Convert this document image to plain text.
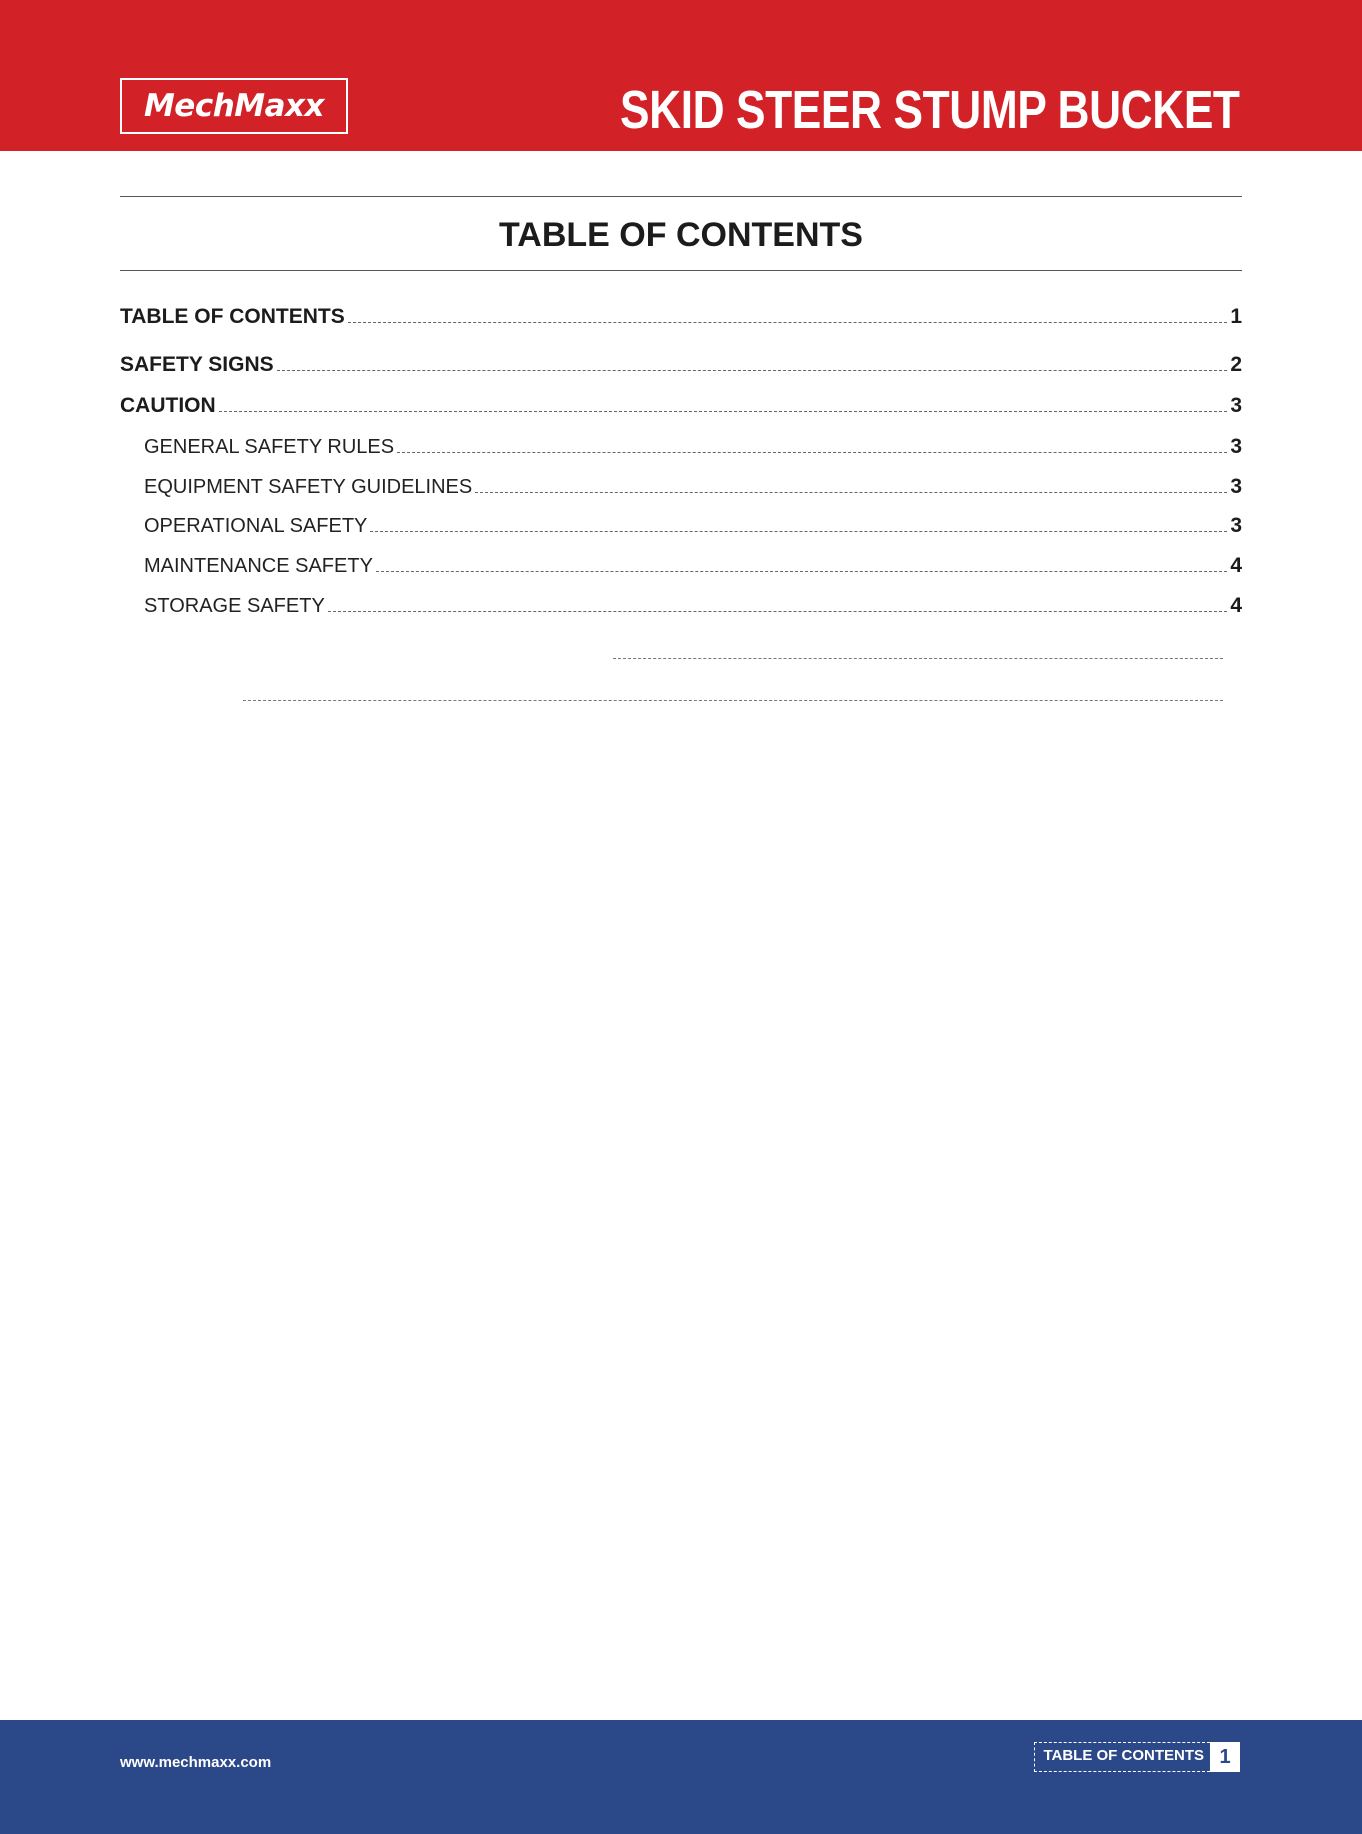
MechMaxx	SKID STEER STUMP BUCKET
TABLE OF CONTENTS
TABLE OF CONTENTS	1
SAFETY SIGNS	2
CAUTION	3
GENERAL SAFETY RULES	3
EQUIPMENT SAFETY GUIDELINES	3
OPERATIONAL SAFETY	3
MAINTENANCE SAFETY	4
STORAGE SAFETY	4
www.mechmaxx.com	TABLE OF CONTENTS 1
